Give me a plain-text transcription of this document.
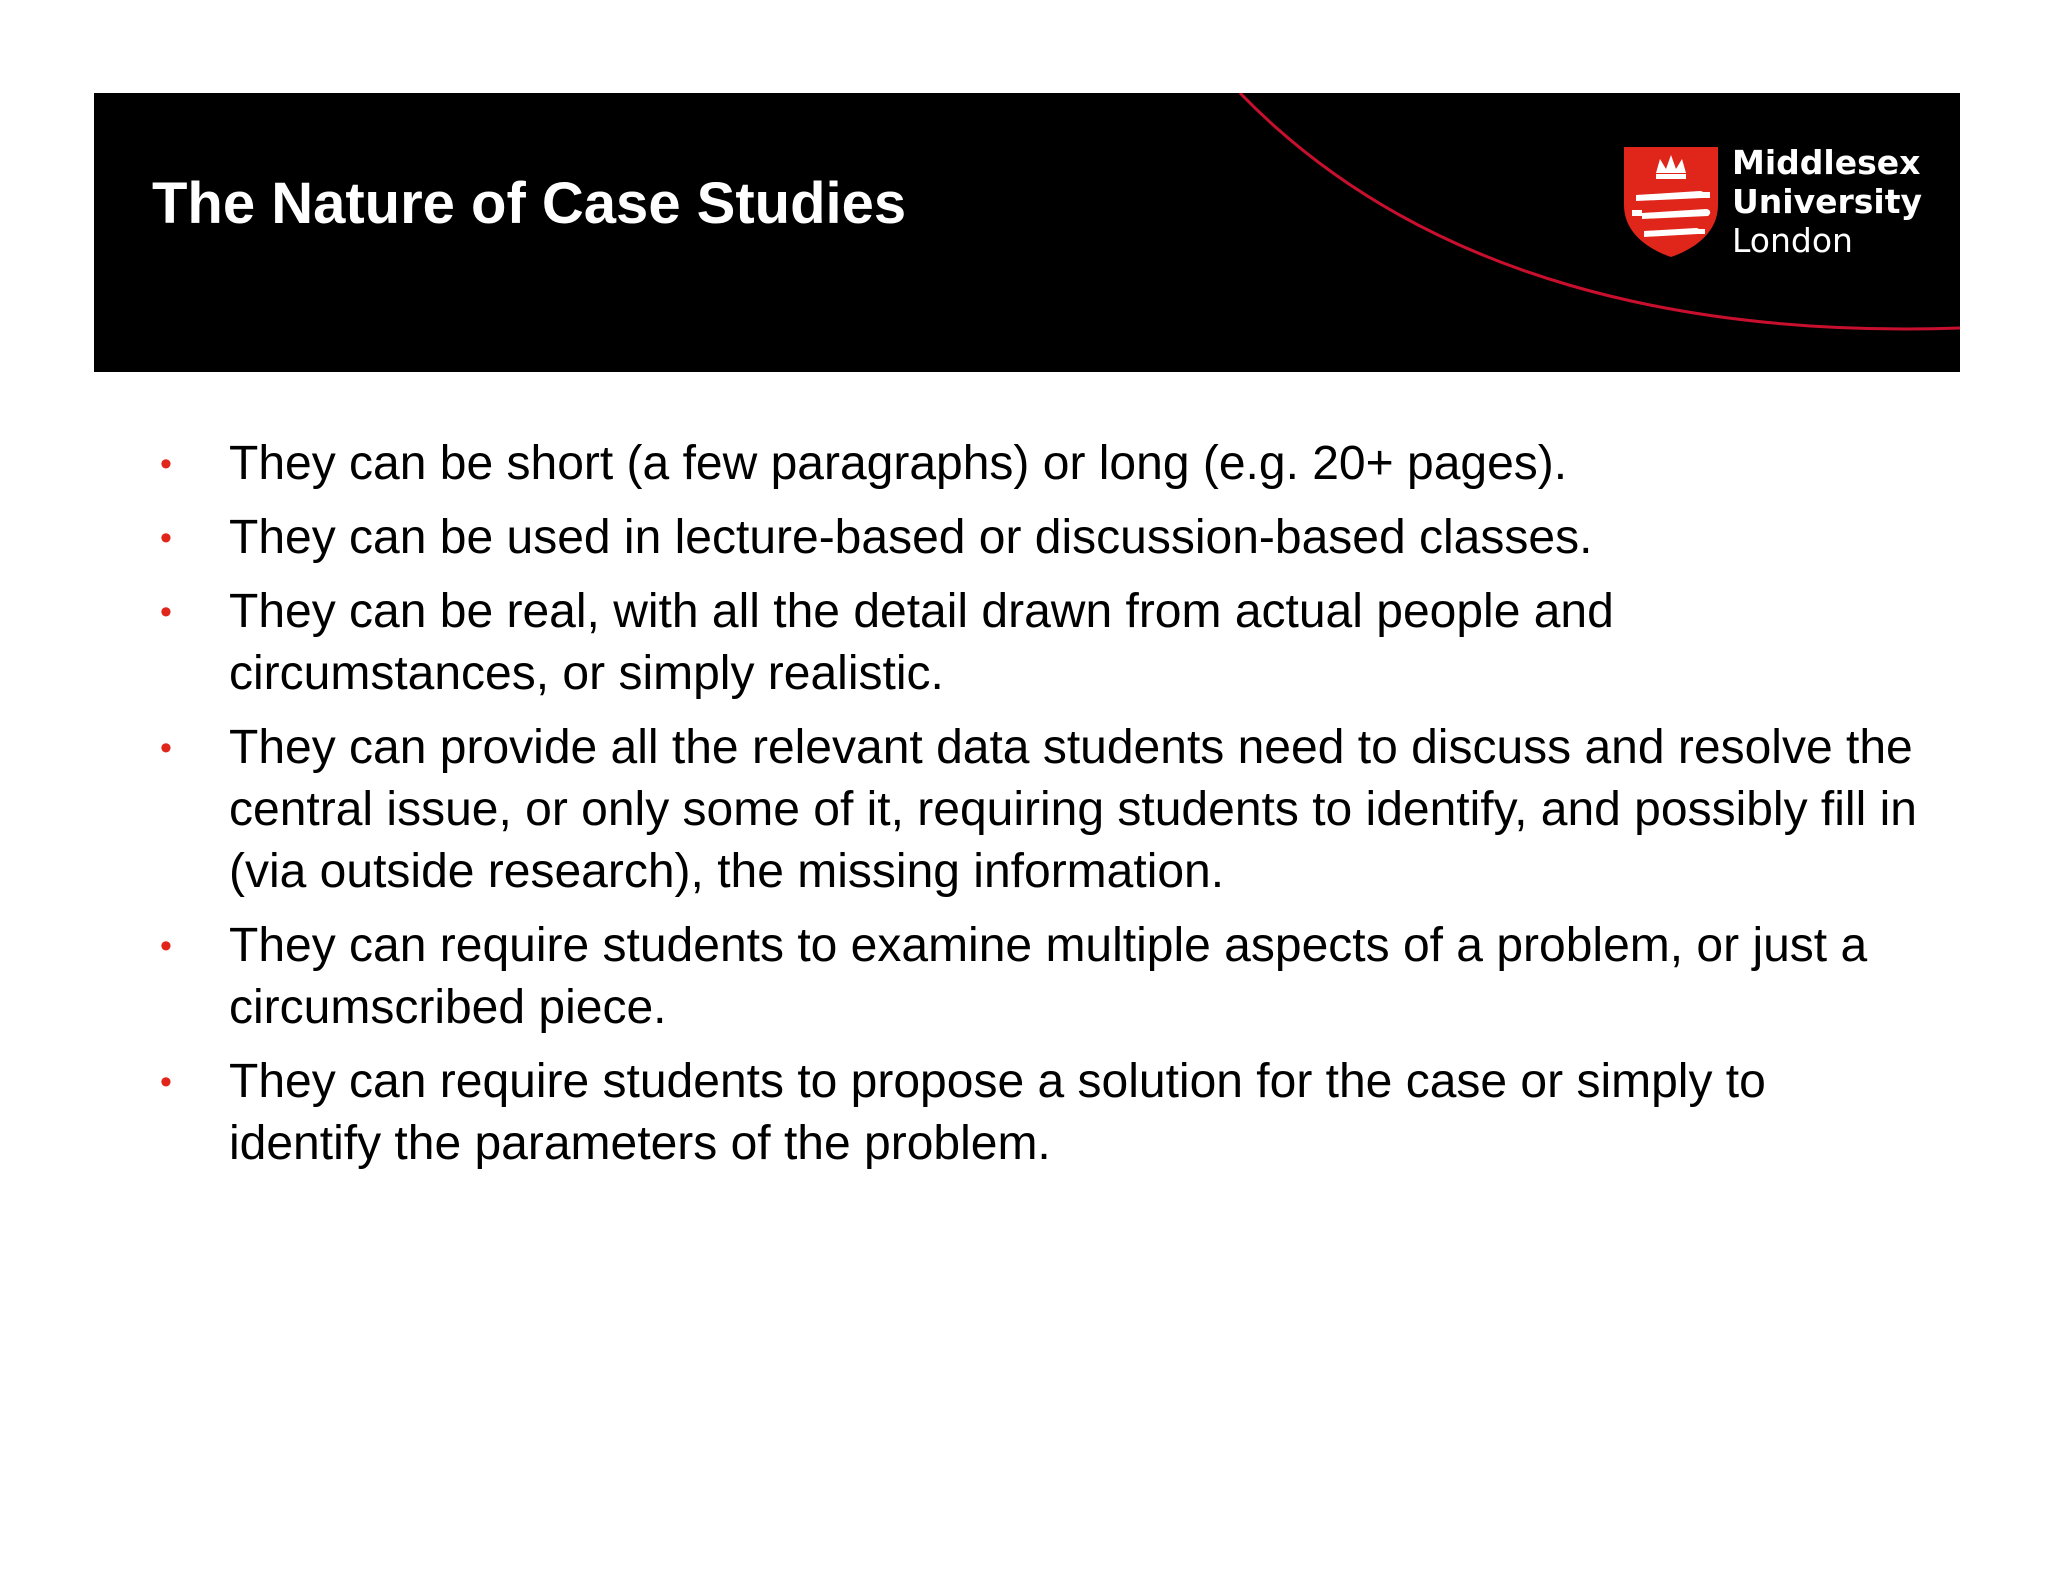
The Nature of Case Studies
Middlesex
University
London
• They can be short (a few paragraphs) or long (e.g. 20+ pages).
• They can be used in lecture-based or discussion-based classes.
• They can be real, with all the detail drawn from actual people and circumstances, or simply realistic.
• They can provide all the relevant data students need to discuss and resolve the central issue, or only some of it, requiring students to identify, and possibly fill in (via outside research), the missing information.
• They can require students to examine multiple aspects of a problem, or just a circumscribed piece.
• They can require students to propose a solution for the case or simply to identify the parameters of the problem.
